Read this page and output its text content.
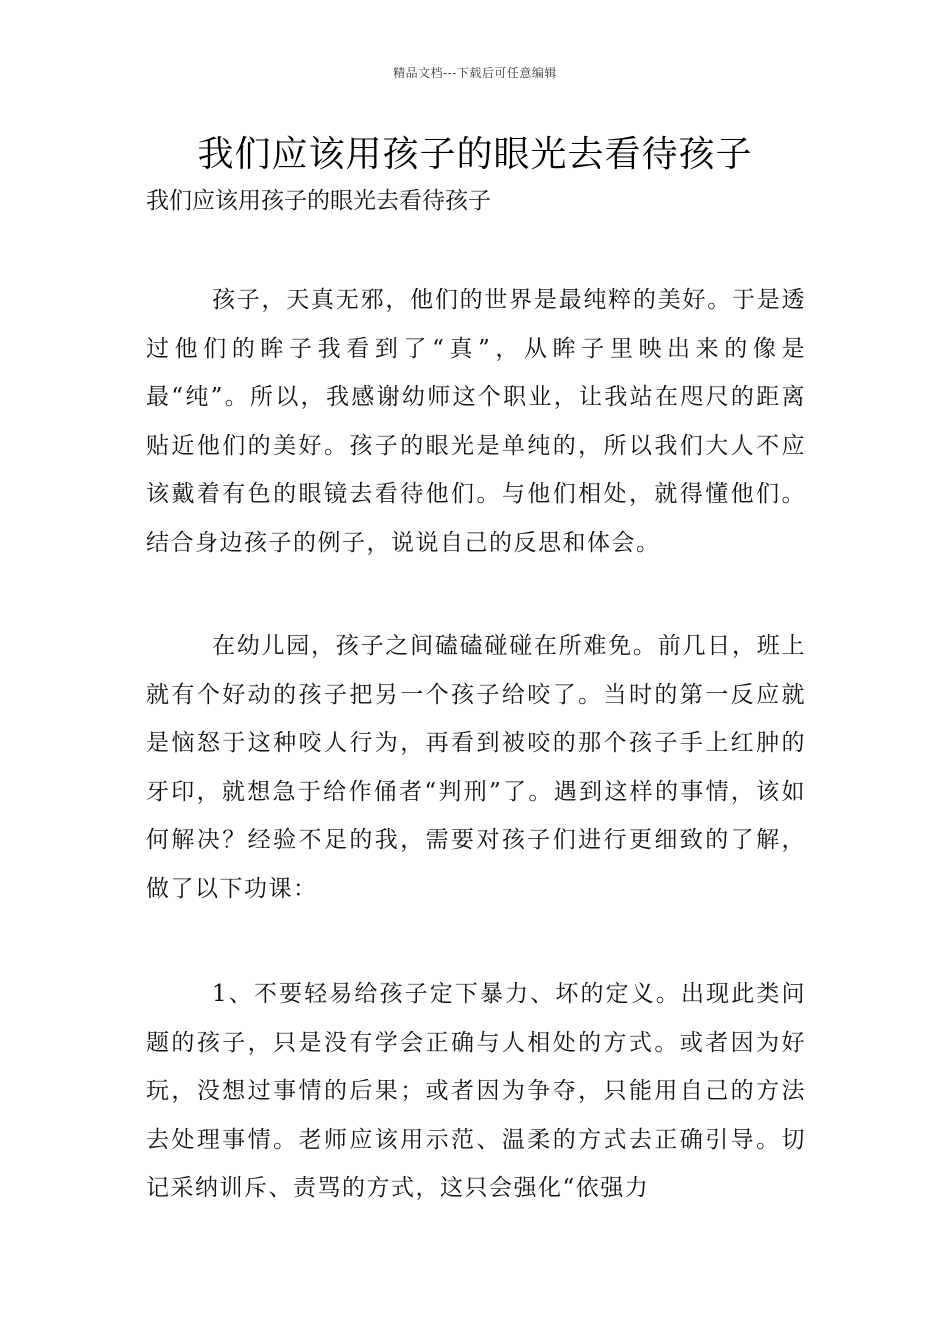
精品文档---下载后可任意编辑
我们应该用孩子的眼光去看待孩子

我们应该用孩子的眼光去看待孩子

孩子，天真无邪，他们的世界是最纯粹的美好。于是透过他们的眸子我看到了“真”，从眸子里映出来的像是最“纯”。所以，我感谢幼师这个职业，让我站在咫尺的距离贴近他们的美好。孩子的眼光是单纯的，所以我们大人不应该戴着有色的眼镜去看待他们。与他们相处，就得懂他们。结合身边孩子的例子，说说自己的反思和体会。

在幼儿园，孩子之间磕磕碰碰在所难免。前几日，班上就有个好动的孩子把另一个孩子给咬了。当时的第一反应就是恼怒于这种咬人行为，再看到被咬的那个孩子手上红肿的牙印，就想急于给作俑者“判刑”了。遇到这样的事情，该如何解决？经验不足的我，需要对孩子们进行更细致的了解，做了以下功课：

1、不要轻易给孩子定下暴力、坏的定义。出现此类问题的孩子，只是没有学会正确与人相处的方式。或者因为好玩，没想过事情的后果；或者因为争夺，只能用自己的方法去处理事情。老师应该用示范、温柔的方式去正确引导。切记采纳训斥、责骂的方式，这只会强化“依强力
